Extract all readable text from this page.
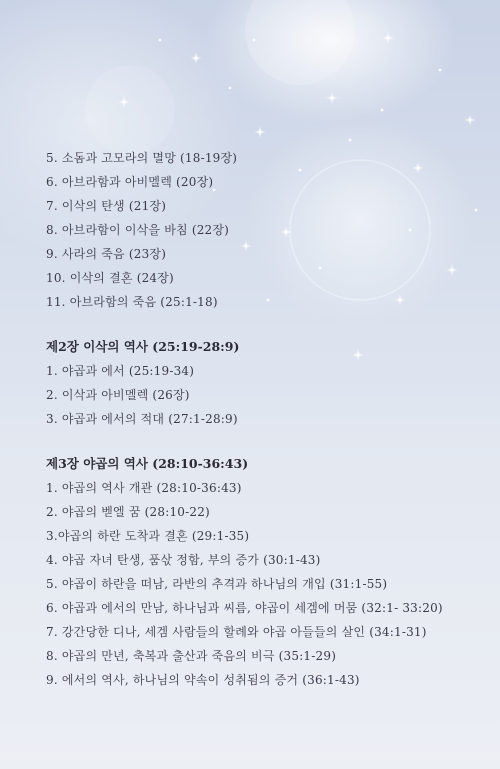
5. 소돔과 고모라의 멸망 (18-19장)
6. 아브라함과 아비멜렉 (20장)
7. 이삭의 탄생 (21장)
8. 아브라함이 이삭을 바침 (22장)
9. 사라의 죽음 (23장)
10. 이삭의 결혼 (24장)
11. 아브라함의 죽음 (25:1-18)
제2장 이삭의 역사 (25:19-28:9)
1. 야곱과 에서 (25:19-34)
2. 이삭과 아비멜렉 (26장)
3. 야곱과 에서의 적대 (27:1-28:9)
제3장 야곱의 역사 (28:10-36:43)
1. 야곱의 역사 개관 (28:10-36:43)
2. 야곱의 벧엘 꿈 (28:10-22)
3.야곱의 하란 도착과 결혼 (29:1-35)
4. 야곱 자녀 탄생, 품삯 정함, 부의 증가 (30:1-43)
5. 야곱이 하란을 떠남, 라반의 추격과 하나님의 개입 (31:1-55)
6. 야곱과 에서의 만남, 하나님과 씨름, 야곱이 세겜에 머뭄 (32:1- 33:20)
7. 강간당한 디나, 세겜 사람들의 할례와 야곱 아들들의 살인 (34:1-31)
8. 야곱의 만년, 축복과 출산과 죽음의 비극 (35:1-29)
9. 에서의 역사, 하나님의 약속이 성취됨의 증거 (36:1-43)
